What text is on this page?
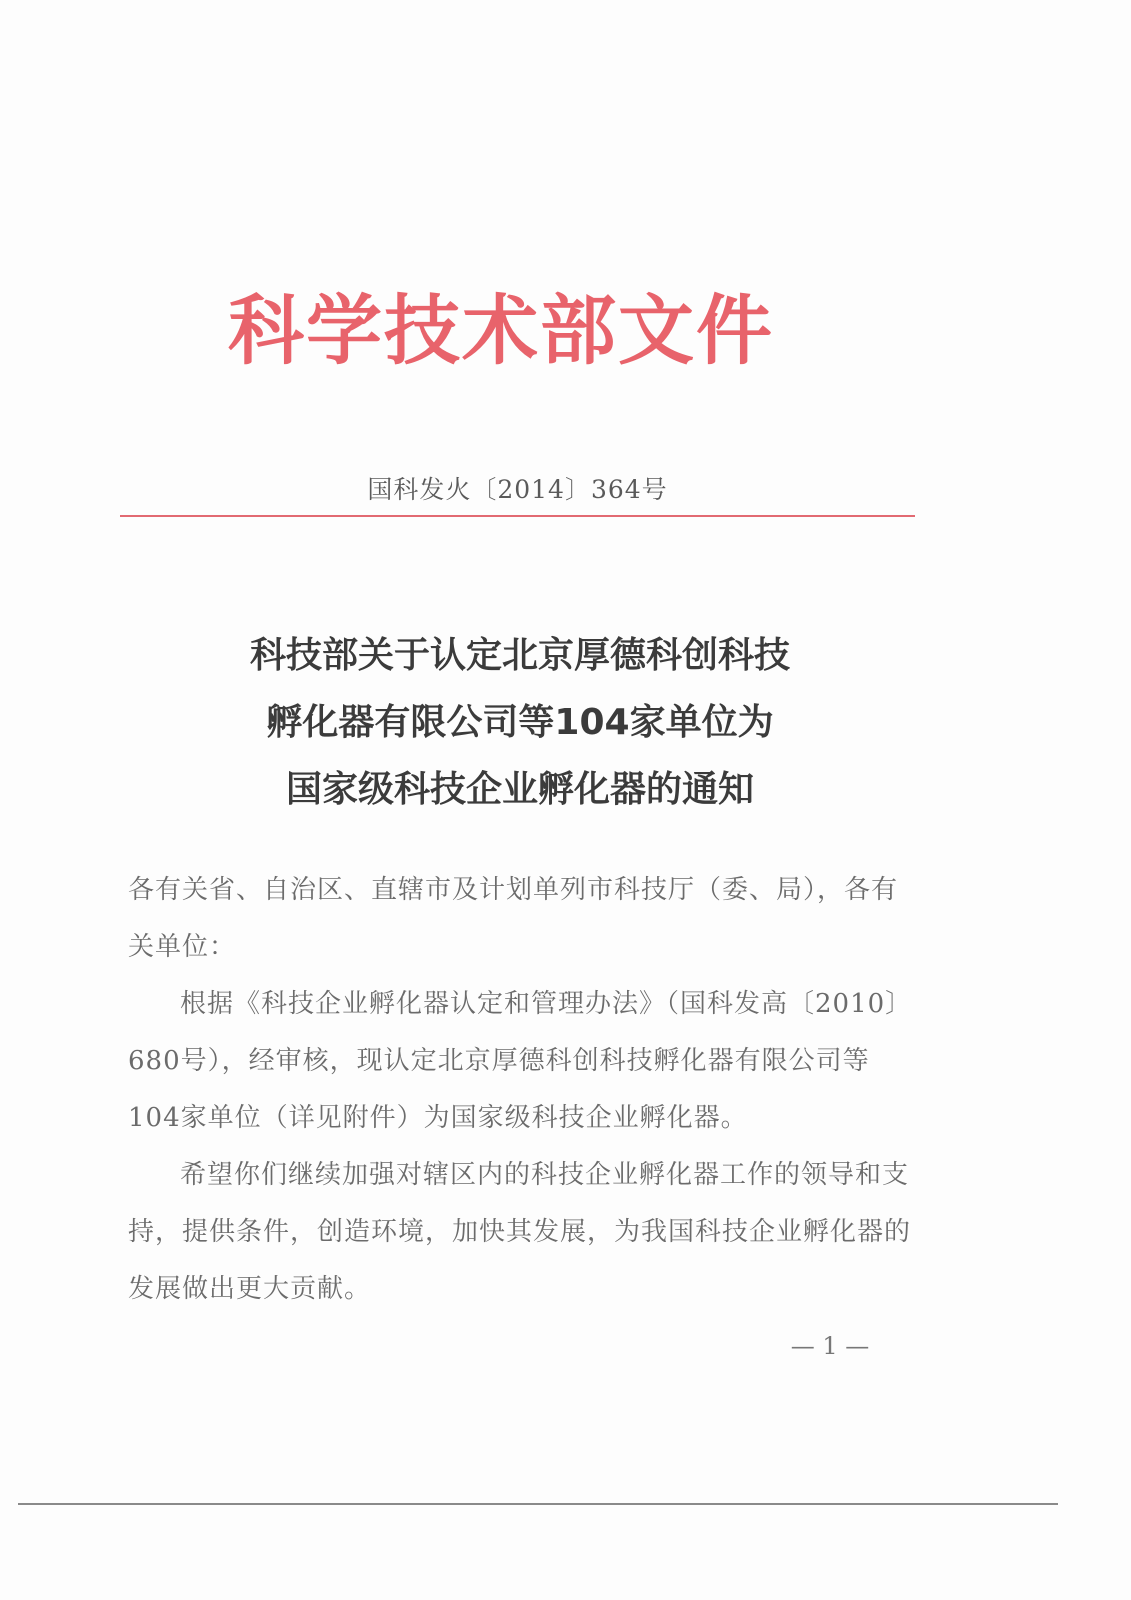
科学技术部文件
国科发火〔2014〕364号
科技部关于认定北京厚德科创科技
孵化器有限公司等104家单位为
国家级科技企业孵化器的通知

各有关省、自治区、直辖市及计划单列市科技厅（委、局），各有关单位：

根据《科技企业孵化器认定和管理办法》（国科发高〔2010〕680号），经审核，现认定北京厚德科创科技孵化器有限公司等104家单位（详见附件）为国家级科技企业孵化器。

希望你们继续加强对辖区内的科技企业孵化器工作的领导和支持，提供条件，创造环境，加快其发展，为我国科技企业孵化器的发展做出更大贡献。

— 1 —
